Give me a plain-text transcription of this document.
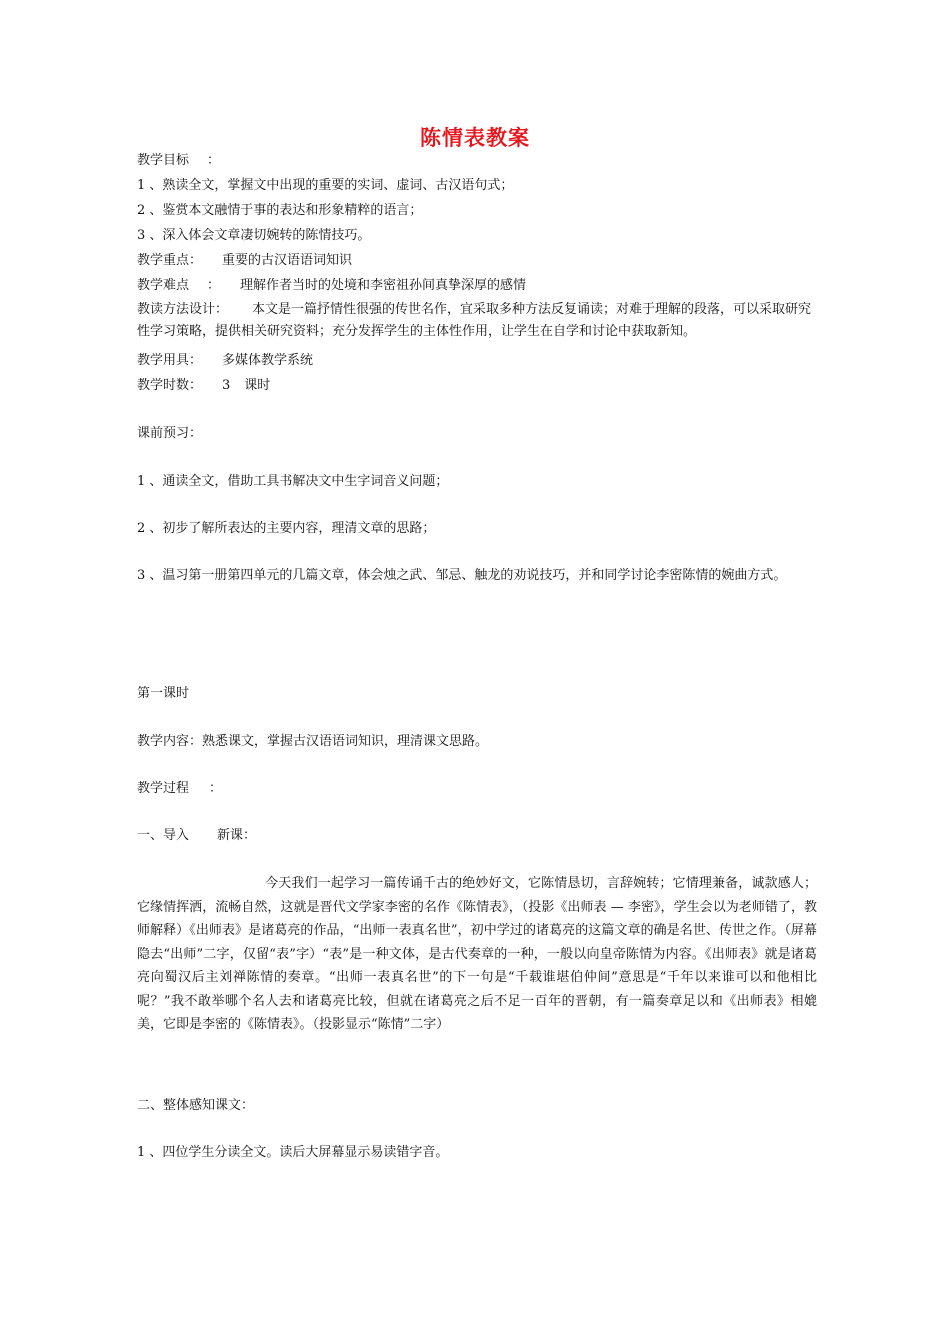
陈情表教案
教学目标 ：
1 、熟读全文，掌握文中出现的重要的实词、虚词、古汉语句式；
2 、鉴赏本文融情于事的表达和形象精粹的语言；
3 、深入体会文章凄切婉转的陈情技巧。
教学重点： 重要的古汉语语词知识
教学难点 ： 理解作者当时的处境和李密祖孙间真挚深厚的感情
教读方法设计： 本文是一篇抒情性很强的传世名作，宜采取多种方法反复诵读；对难于理解的段落，可以采取研究性学习策略，提供相关研究资料；充分发挥学生的主体性作用，让学生在自学和讨论中获取新知。
教学用具： 多媒体教学系统
教学时数： 3 课时
课前预习：
1 、通读全文，借助工具书解决文中生字词音义问题；
2 、初步了解所表达的主要内容，理清文章的思路；
3 、温习第一册第四单元的几篇文章，体会烛之武、邹忌、触龙的劝说技巧，并和同学讨论李密陈情的婉曲方式。
第一课时
教学内容：熟悉课文，掌握古汉语语词知识，理清课文思路。
教学过程 ：
一、导入 新课：
今天我们一起学习一篇传诵千古的绝妙好文，它陈情恳切，言辞婉转；它情理兼备，诚款感人；它缘情挥洒，流畅自然，这就是晋代文学家李密的名作《陈情表》，（投影《出师表 — 李密》，学生会以为老师错了，教师解释）《出师表》是诸葛亮的作品，“出师一表真名世”，初中学过的诸葛亮的这篇文章的确是名世、传世之作。（屏幕隐去“出师”二字，仅留“表”字）“表”是一种文体，是古代奏章的一种，一般以向皇帝陈情为内容。《出师表》就是诸葛亮向蜀汉后主刘禅陈情的奏章。“出师一表真名世”的下一句是“千载谁堪伯仲间”意思是“千年以来谁可以和他相比呢？”我不敢举哪个名人去和诸葛亮比较，但就在诸葛亮之后不足一百年的晋朝，有一篇奏章足以和《出师表》相媲美，它即是李密的《陈情表》。（投影显示“陈情”二字）
二、整体感知课文：
1 、四位学生分读全文。读后大屏幕显示易读错字音。
